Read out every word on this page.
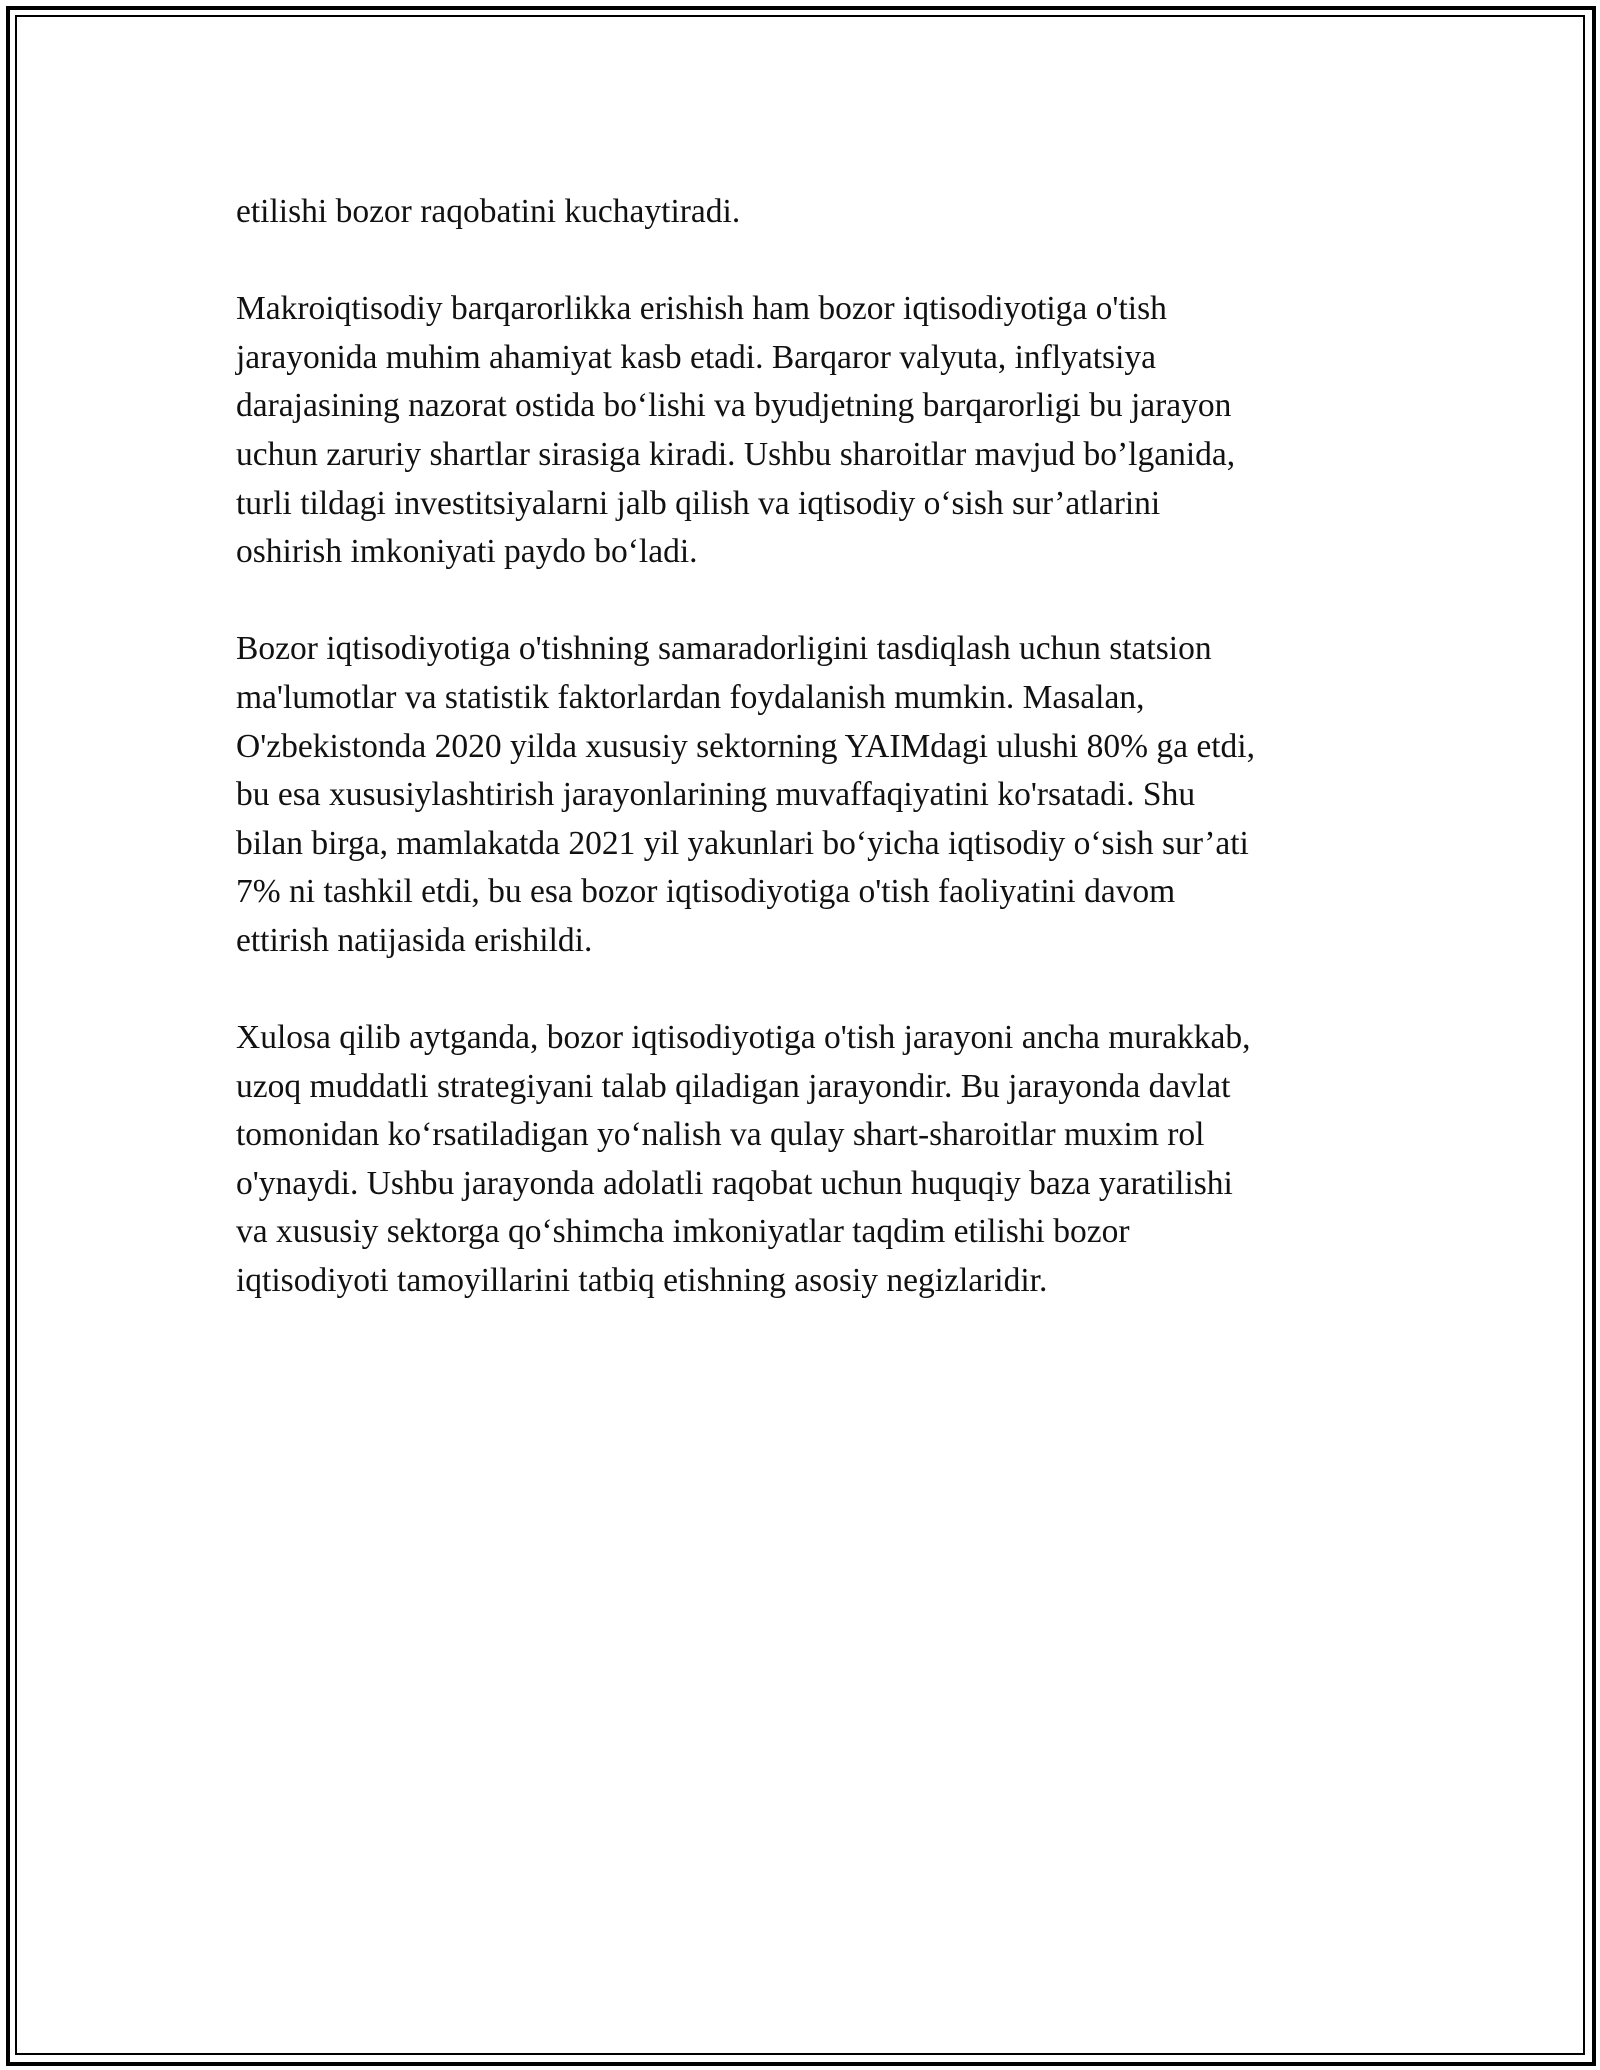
etilishi bozor raqobatini kuchaytiradi.

Makroiqtisodiy barqarorlikka erishish ham bozor iqtisodiyotiga o'tish
jarayonida muhim ahamiyat kasb etadi. Barqaror valyuta, inflyatsiya
darajasining nazorat ostida bo‘lishi va byudjetning barqarorligi bu jarayon
uchun zaruriy shartlar sirasiga kiradi. Ushbu sharoitlar mavjud bo’lganida,
turli tildagi investitsiyalarni jalb qilish va iqtisodiy o‘sish sur’atlarini
oshirish imkoniyati paydo bo‘ladi.

Bozor iqtisodiyotiga o'tishning samaradorligini tasdiqlash uchun statsion
ma'lumotlar va statistik faktorlardan foydalanish mumkin. Masalan,
O'zbekistonda 2020 yilda xususiy sektorning YAIMdagi ulushi 80% ga etdi,
bu esa xususiylashtirish jarayonlarining muvaffaqiyatini ko'rsatadi. Shu
bilan birga, mamlakatda 2021 yil yakunlari bo‘yicha iqtisodiy o‘sish sur’ati
7% ni tashkil etdi, bu esa bozor iqtisodiyotiga o'tish faoliyatini davom
ettirish natijasida erishildi.

Xulosa qilib aytganda, bozor iqtisodiyotiga o'tish jarayoni ancha murakkab,
uzoq muddatli strategiyani talab qiladigan jarayondir. Bu jarayonda davlat
tomonidan ko‘rsatiladigan yo‘nalish va qulay shart-sharoitlar muxim rol
o'ynaydi. Ushbu jarayonda adolatli raqobat uchun huquqiy baza yaratilishi
va xususiy sektorga qo‘shimcha imkoniyatlar taqdim etilishi bozor
iqtisodiyoti tamoyillarini tatbiq etishning asosiy negizlaridir.
